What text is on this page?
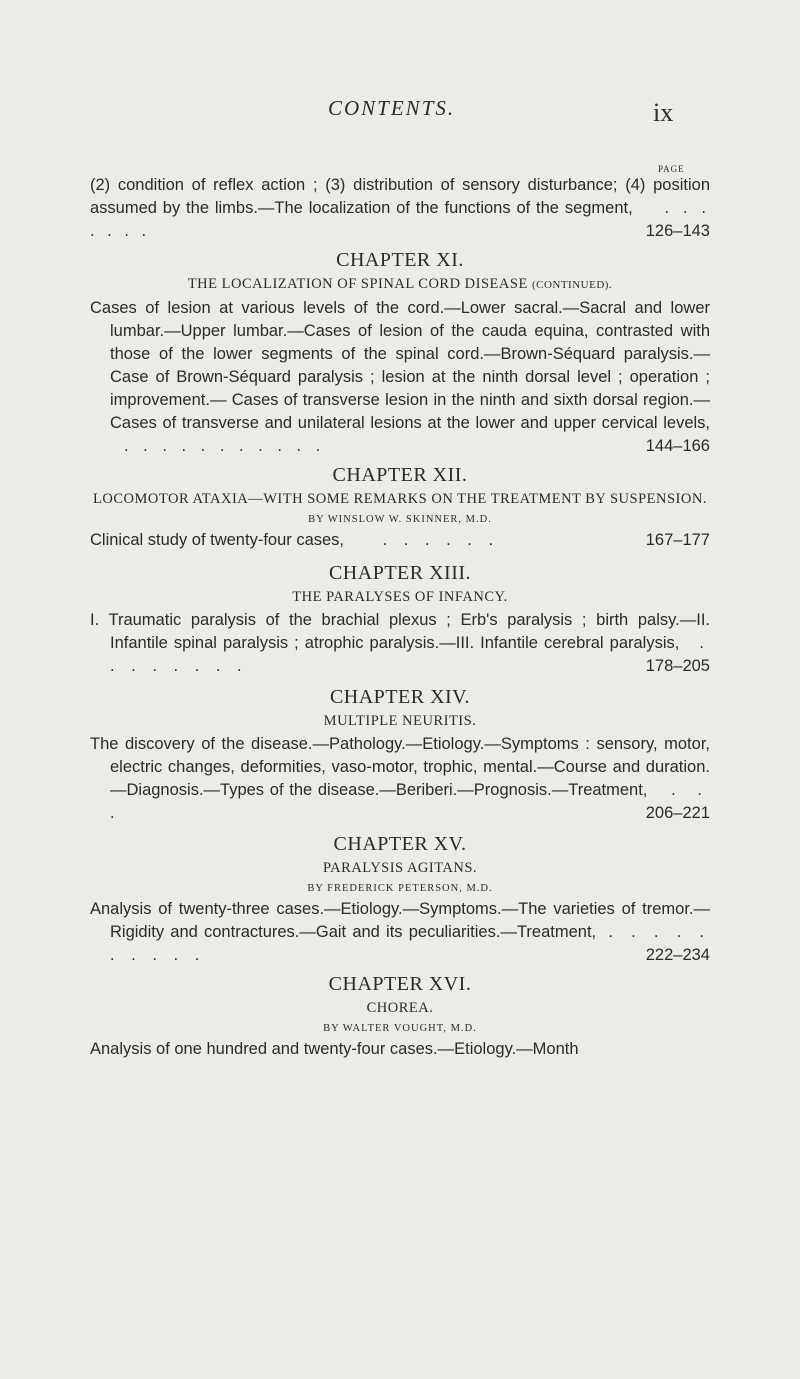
CONTENTS.	ix
PAGE

(2) condition of reflex action ; (3) distribution of sensory disturbance; (4) position assumed by the limbs.—The localization of the functions of the segment, . . . . . . .	126–143

CHAPTER XI.
THE LOCALIZATION OF SPINAL CORD DISEASE (CONTINUED).

Cases of lesion at various levels of the cord.—Lower sacral.—Sacral and lower lumbar.—Upper lumbar.—Cases of lesion of the cauda equina, contrasted with those of the lower segments of the spinal cord.—Brown-Séquard paralysis.—Case of Brown-Séquard paralysis ; lesion at the ninth dorsal level ; operation ; improvement.— Cases of transverse lesion in the ninth and sixth dorsal region.— Cases of transverse and unilateral lesions at the lower and upper cervical levels, . . . . . . . . . . .	144–166

CHAPTER XII.
LOCOMOTOR ATAXIA—WITH SOME REMARKS ON THE TREATMENT BY SUSPENSION.
BY WINSLOW W. SKINNER, M.D.

Clinical study of twenty-four cases, . . . . . .	167–177

CHAPTER XIII.
THE PARALYSES OF INFANCY.

I. Traumatic paralysis of the brachial plexus ; Erb's paralysis ; birth palsy.—II. Infantile spinal paralysis ; atrophic paralysis.—III. Infantile cerebral paralysis, . . . . . . . .	178–205

CHAPTER XIV.
MULTIPLE NEURITIS.

The discovery of the disease.—Pathology.—Etiology.—Symptoms : sensory, motor, electric changes, deformities, vaso-motor, trophic, mental.—Course and duration.—Diagnosis.—Types of the disease.—Beriberi.—Prognosis.—Treatment, . . .	206–221

CHAPTER XV.
PARALYSIS AGITANS.
BY FREDERICK PETERSON, M.D.

Analysis of twenty-three cases.—Etiology.—Symptoms.—The varieties of tremor.—Rigidity and contractures.—Gait and its peculiarities.—Treatment, . . . . . . . . . .	222–234

CHAPTER XVI.
CHOREA.
BY WALTER VOUGHT, M.D.

Analysis of one hundred and twenty-four cases.—Etiology.—Month
